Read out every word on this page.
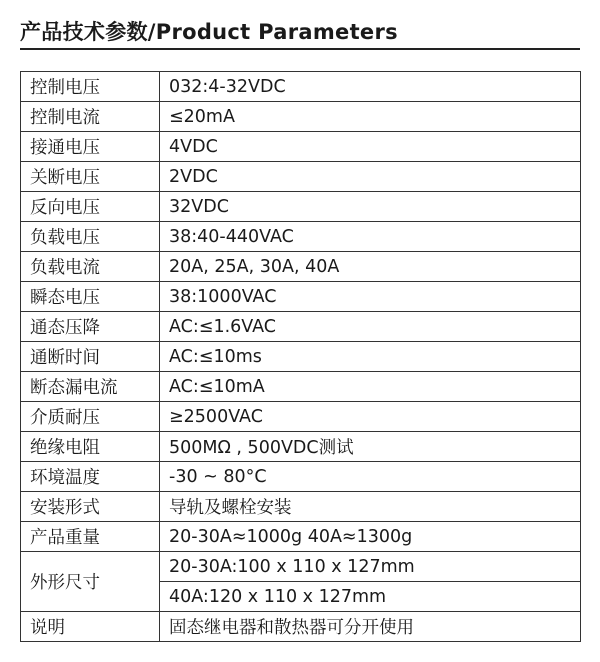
产品技术参数/Product Parameters
控制电压	032:4-32VDC
控制电流	≤20mA
接通电压	4VDC
关断电压	2VDC
反向电压	32VDC
负载电压	38:40-440VAC
负载电流	20A, 25A, 30A, 40A
瞬态电压	38:1000VAC
通态压降	AC:≤1.6VAC
通断时间	AC:≤10ms
断态漏电流	AC:≤10mA
介质耐压	≥2500VAC
绝缘电阻	500MΩ , 500VDC测试
环境温度	-30 ~ 80°C
安装形式	导轨及螺栓安装
产品重量	20-30A≈1000g 40A≈1300g
外形尺寸	20-30A:100 x 110 x 127mm
	40A:120 x 110 x 127mm
说明	固态继电器和散热器可分开使用
